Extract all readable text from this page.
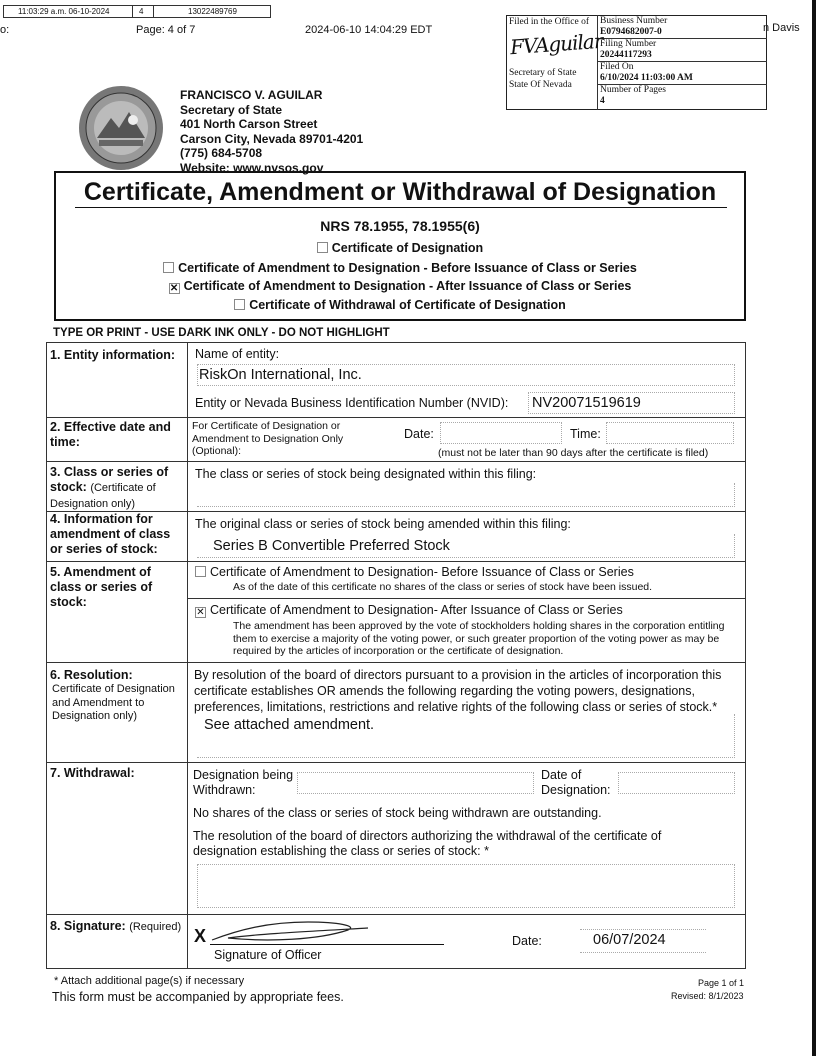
11:03:29 a.m. 06-10-2024	4	13022489769
o:	Page: 4 of 7	2024-06-10 14:04:29 EDT	n Davis
Filed in the Office of
FVAguilar
Secretary of State
State Of Nevada
Business Number
E0794682007-0
Filing Number
20244117293
Filed On
6/10/2024 11:03:00 AM
Number of Pages
4
FRANCISCO V. AGUILAR
Secretary of State
401 North Carson Street
Carson City, Nevada 89701-4201
(775) 684-5708
Website: www.nvsos.gov
Certificate, Amendment or Withdrawal of Designation
NRS 78.1955, 78.1955(6)
Certificate of Designation
Certificate of Amendment to Designation - Before Issuance of Class or Series
✕ Certificate of Amendment to Designation - After Issuance of Class or Series
Certificate of Withdrawal of Certificate of Designation
TYPE OR PRINT - USE DARK INK ONLY - DO NOT HIGHLIGHT
1. Entity information: Name of entity:
RiskOn International, Inc.
Entity or Nevada Business Identification Number (NVID): NV20071519619
2. Effective date and time:
For Certificate of Designation or Amendment to Designation Only (Optional):
Date:	Time:
(must not be later than 90 days after the certificate is filed)
3. Class or series of stock: (Certificate of Designation only)
The class or series of stock being designated within this filing:
4. Information for amendment of class or series of stock:
The original class or series of stock being amended within this filing:
Series B Convertible Preferred Stock
5. Amendment of class or series of stock:
Certificate of Amendment to Designation- Before Issuance of Class or Series
As of the date of this certificate no shares of the class or series of stock have been issued.
✕ Certificate of Amendment to Designation- After Issuance of Class or Series
The amendment has been approved by the vote of stockholders holding shares in the corporation entitling them to exercise a majority of the voting power, or such greater proportion of the voting power as may be required by the articles of incorporation or the certificate of designation.
6. Resolution:

Certificate of Designation and Amendment to Designation only)
By resolution of the board of directors pursuant to a provision in the articles of incorporation this certificate establishes OR amends the following regarding the voting powers, designations, preferences, limitations, restrictions and relative rights of the following class or series of stock.*
See attached amendment.
7. Withdrawal:	Designation being
Withdrawn:
Date of
Designation:
No shares of the class or series of stock being withdrawn are outstanding.
The resolution of the board of directors authorizing the withdrawal of the certificate of designation establishing the class or series of stock: *
8. Signature: (Required) X
Signature of Officer
Date:	06/07/2024
* Attach additional page(s) if necessary
This form must be accompanied by appropriate fees.
Page 1 of 1
Revised: 8/1/2023
